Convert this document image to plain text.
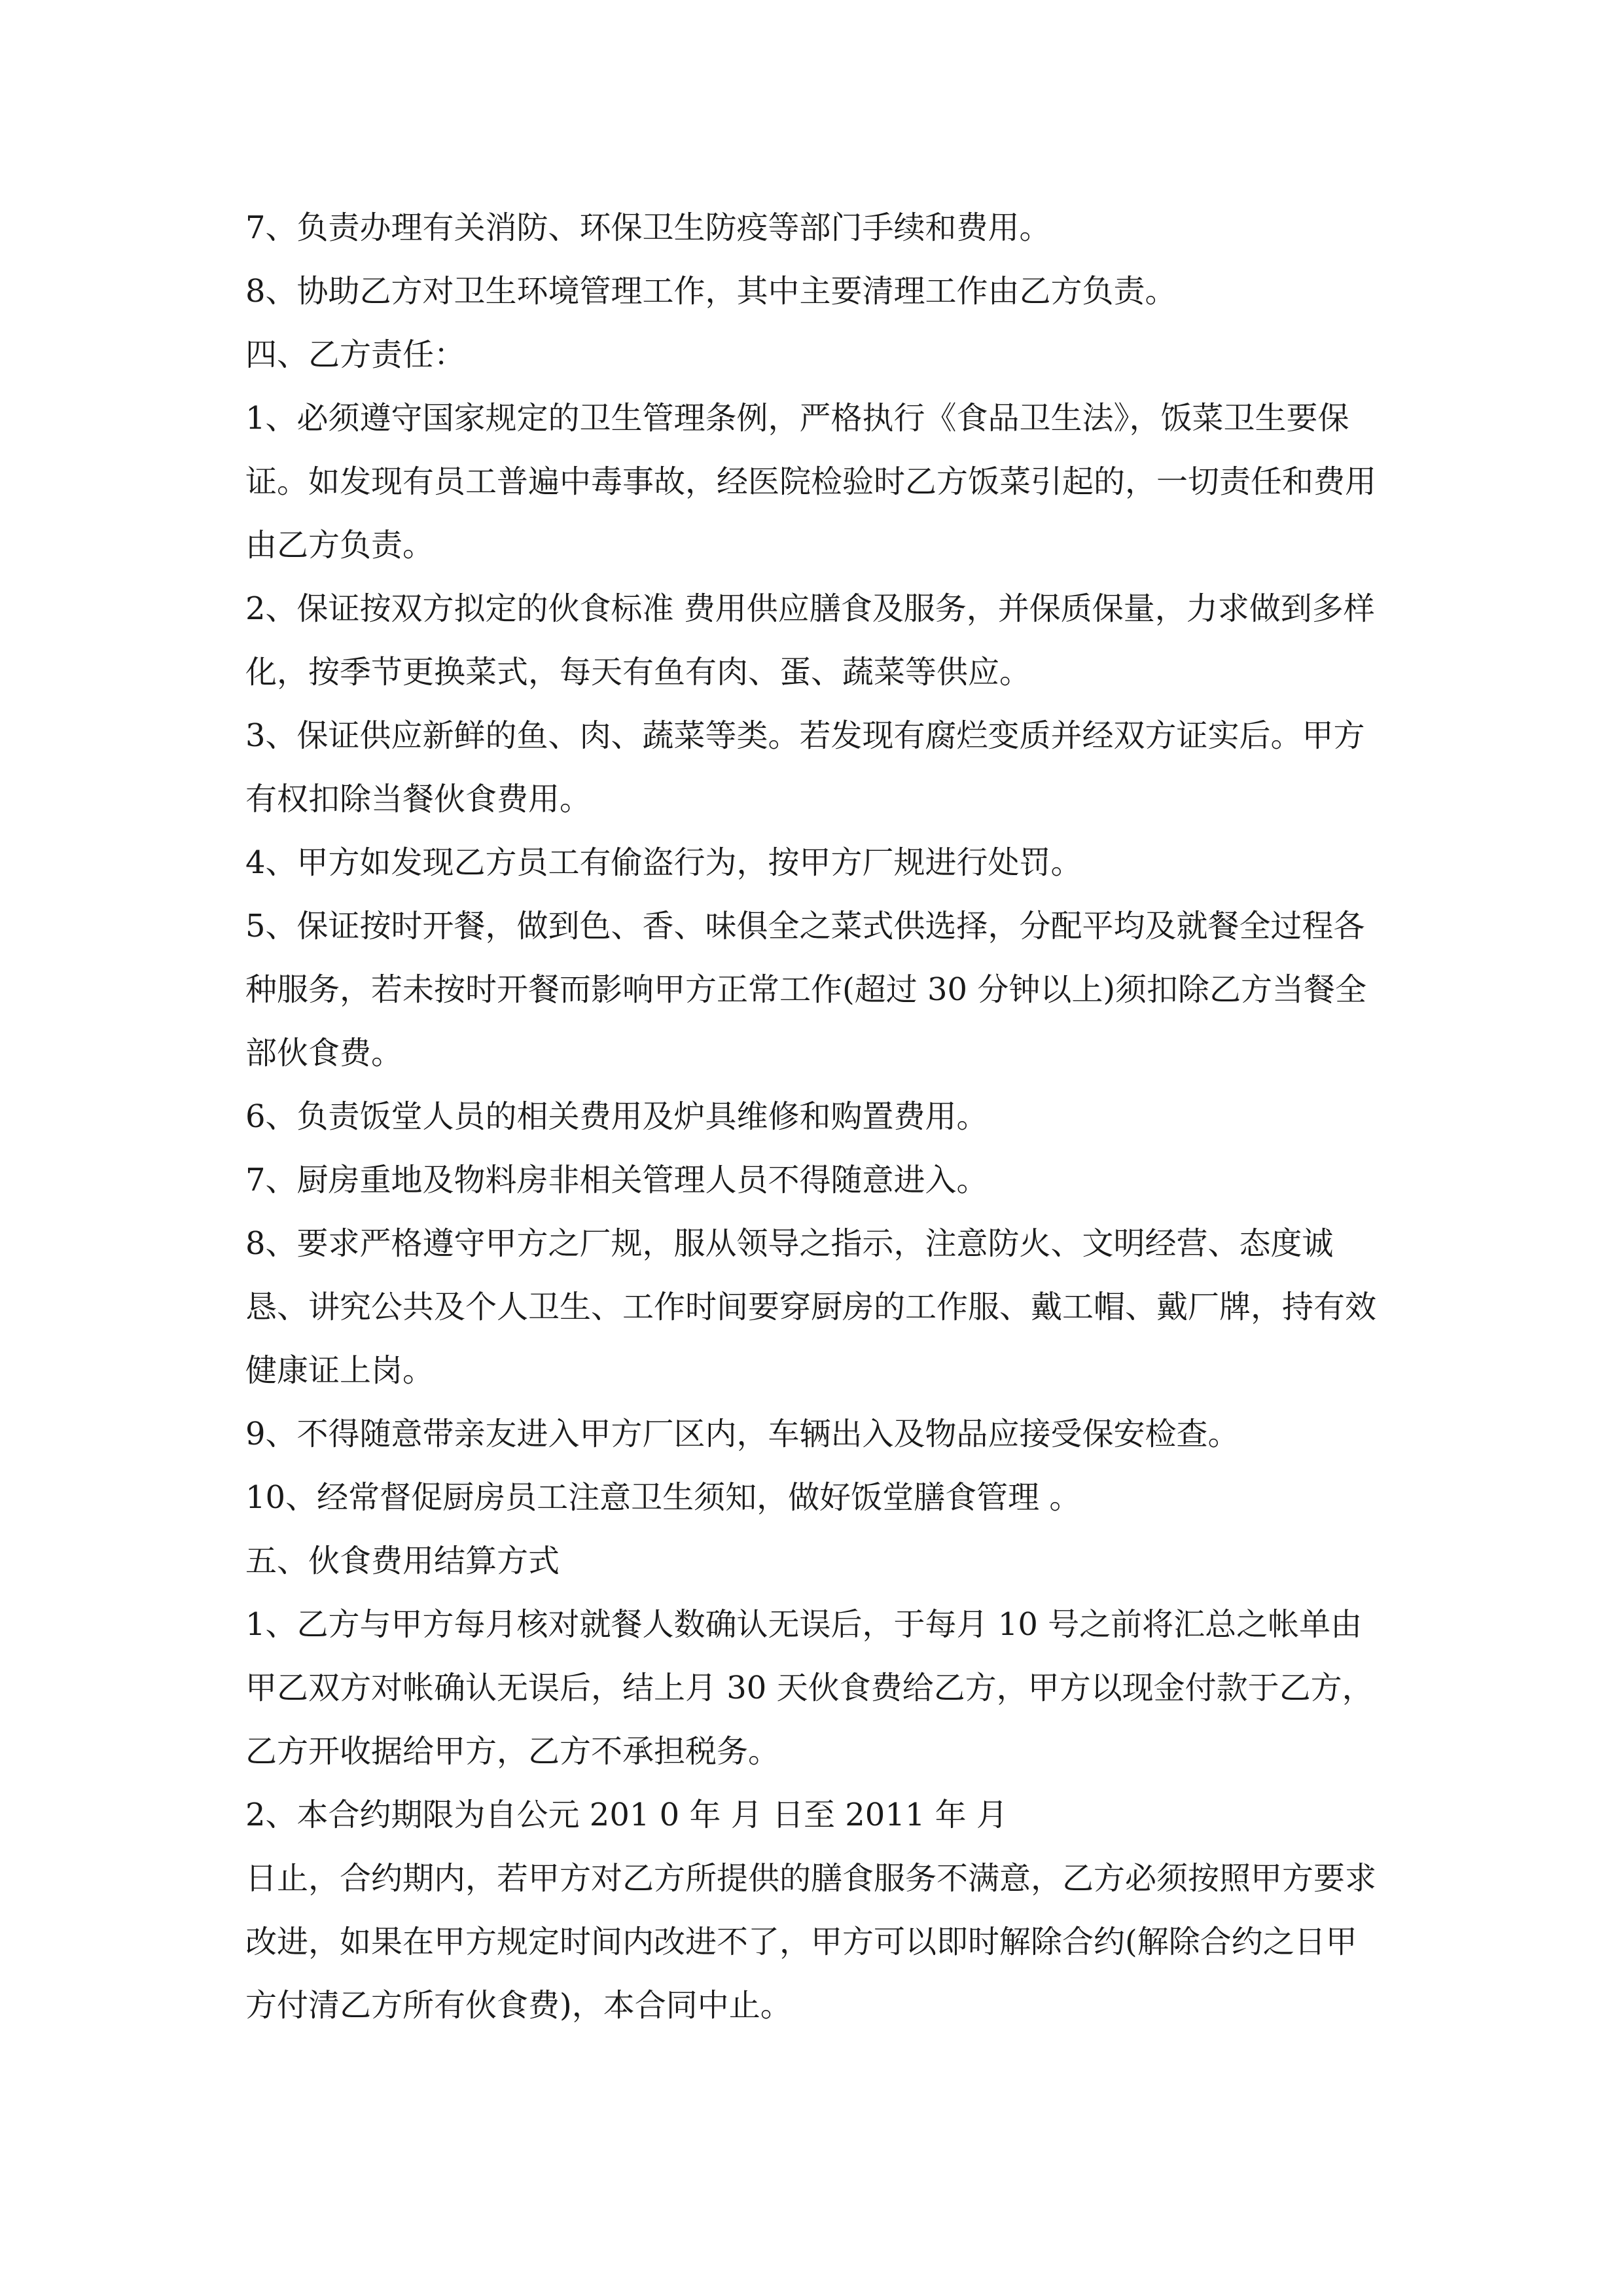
7、负责办理有关消防、环保卫生防疫等部门手续和费用。

8、协助乙方对卫生环境管理工作，其中主要清理工作由乙方负责。

四、乙方责任：

1、必须遵守国家规定的卫生管理条例，严格执行《食品卫生法》，饭菜卫生要保证。如发现有员工普遍中毒事故，经医院检验时乙方饭菜引起的，一切责任和费用由乙方负责。

2、保证按双方拟定的伙食标准 费用供应膳食及服务，并保质保量，力求做到多样化，按季节更换菜式，每天有鱼有肉、蛋、蔬菜等供应。

3、保证供应新鲜的鱼、肉、蔬菜等类。若发现有腐烂变质并经双方证实后。甲方有权扣除当餐伙食费用。

4、甲方如发现乙方员工有偷盗行为，按甲方厂规进行处罚。

5、保证按时开餐，做到色、香、味俱全之菜式供选择，分配平均及就餐全过程各种服务，若未按时开餐而影响甲方正常工作(超过 30 分钟以上)须扣除乙方当餐全部伙食费。

6、负责饭堂人员的相关费用及炉具维修和购置费用。

7、厨房重地及物料房非相关管理人员不得随意进入。

8、要求严格遵守甲方之厂规，服从领导之指示，注意防火、文明经营、态度诚恳、讲究公共及个人卫生、工作时间要穿厨房的工作服、戴工帽、戴厂牌，持有效健康证上岗。

9、不得随意带亲友进入甲方厂区内，车辆出入及物品应接受保安检查。

10、经常督促厨房员工注意卫生须知，做好饭堂膳食管理 。

五、伙食费用结算方式

1、乙方与甲方每月核对就餐人数确认无误后，于每月 10 号之前将汇总之帐单由甲乙双方对帐确认无误后，结上月 30 天伙食费给乙方，甲方以现金付款于乙方，乙方开收据给甲方，乙方不承担税务。

2、本合约期限为自公元 201 0 年 月 日至 2011 年 月

日止，合约期内，若甲方对乙方所提供的膳食服务不满意，乙方必须按照甲方要求改进，如果在甲方规定时间内改进不了，甲方可以即时解除合约(解除合约之日甲方付清乙方所有伙食费)，本合同中止。
